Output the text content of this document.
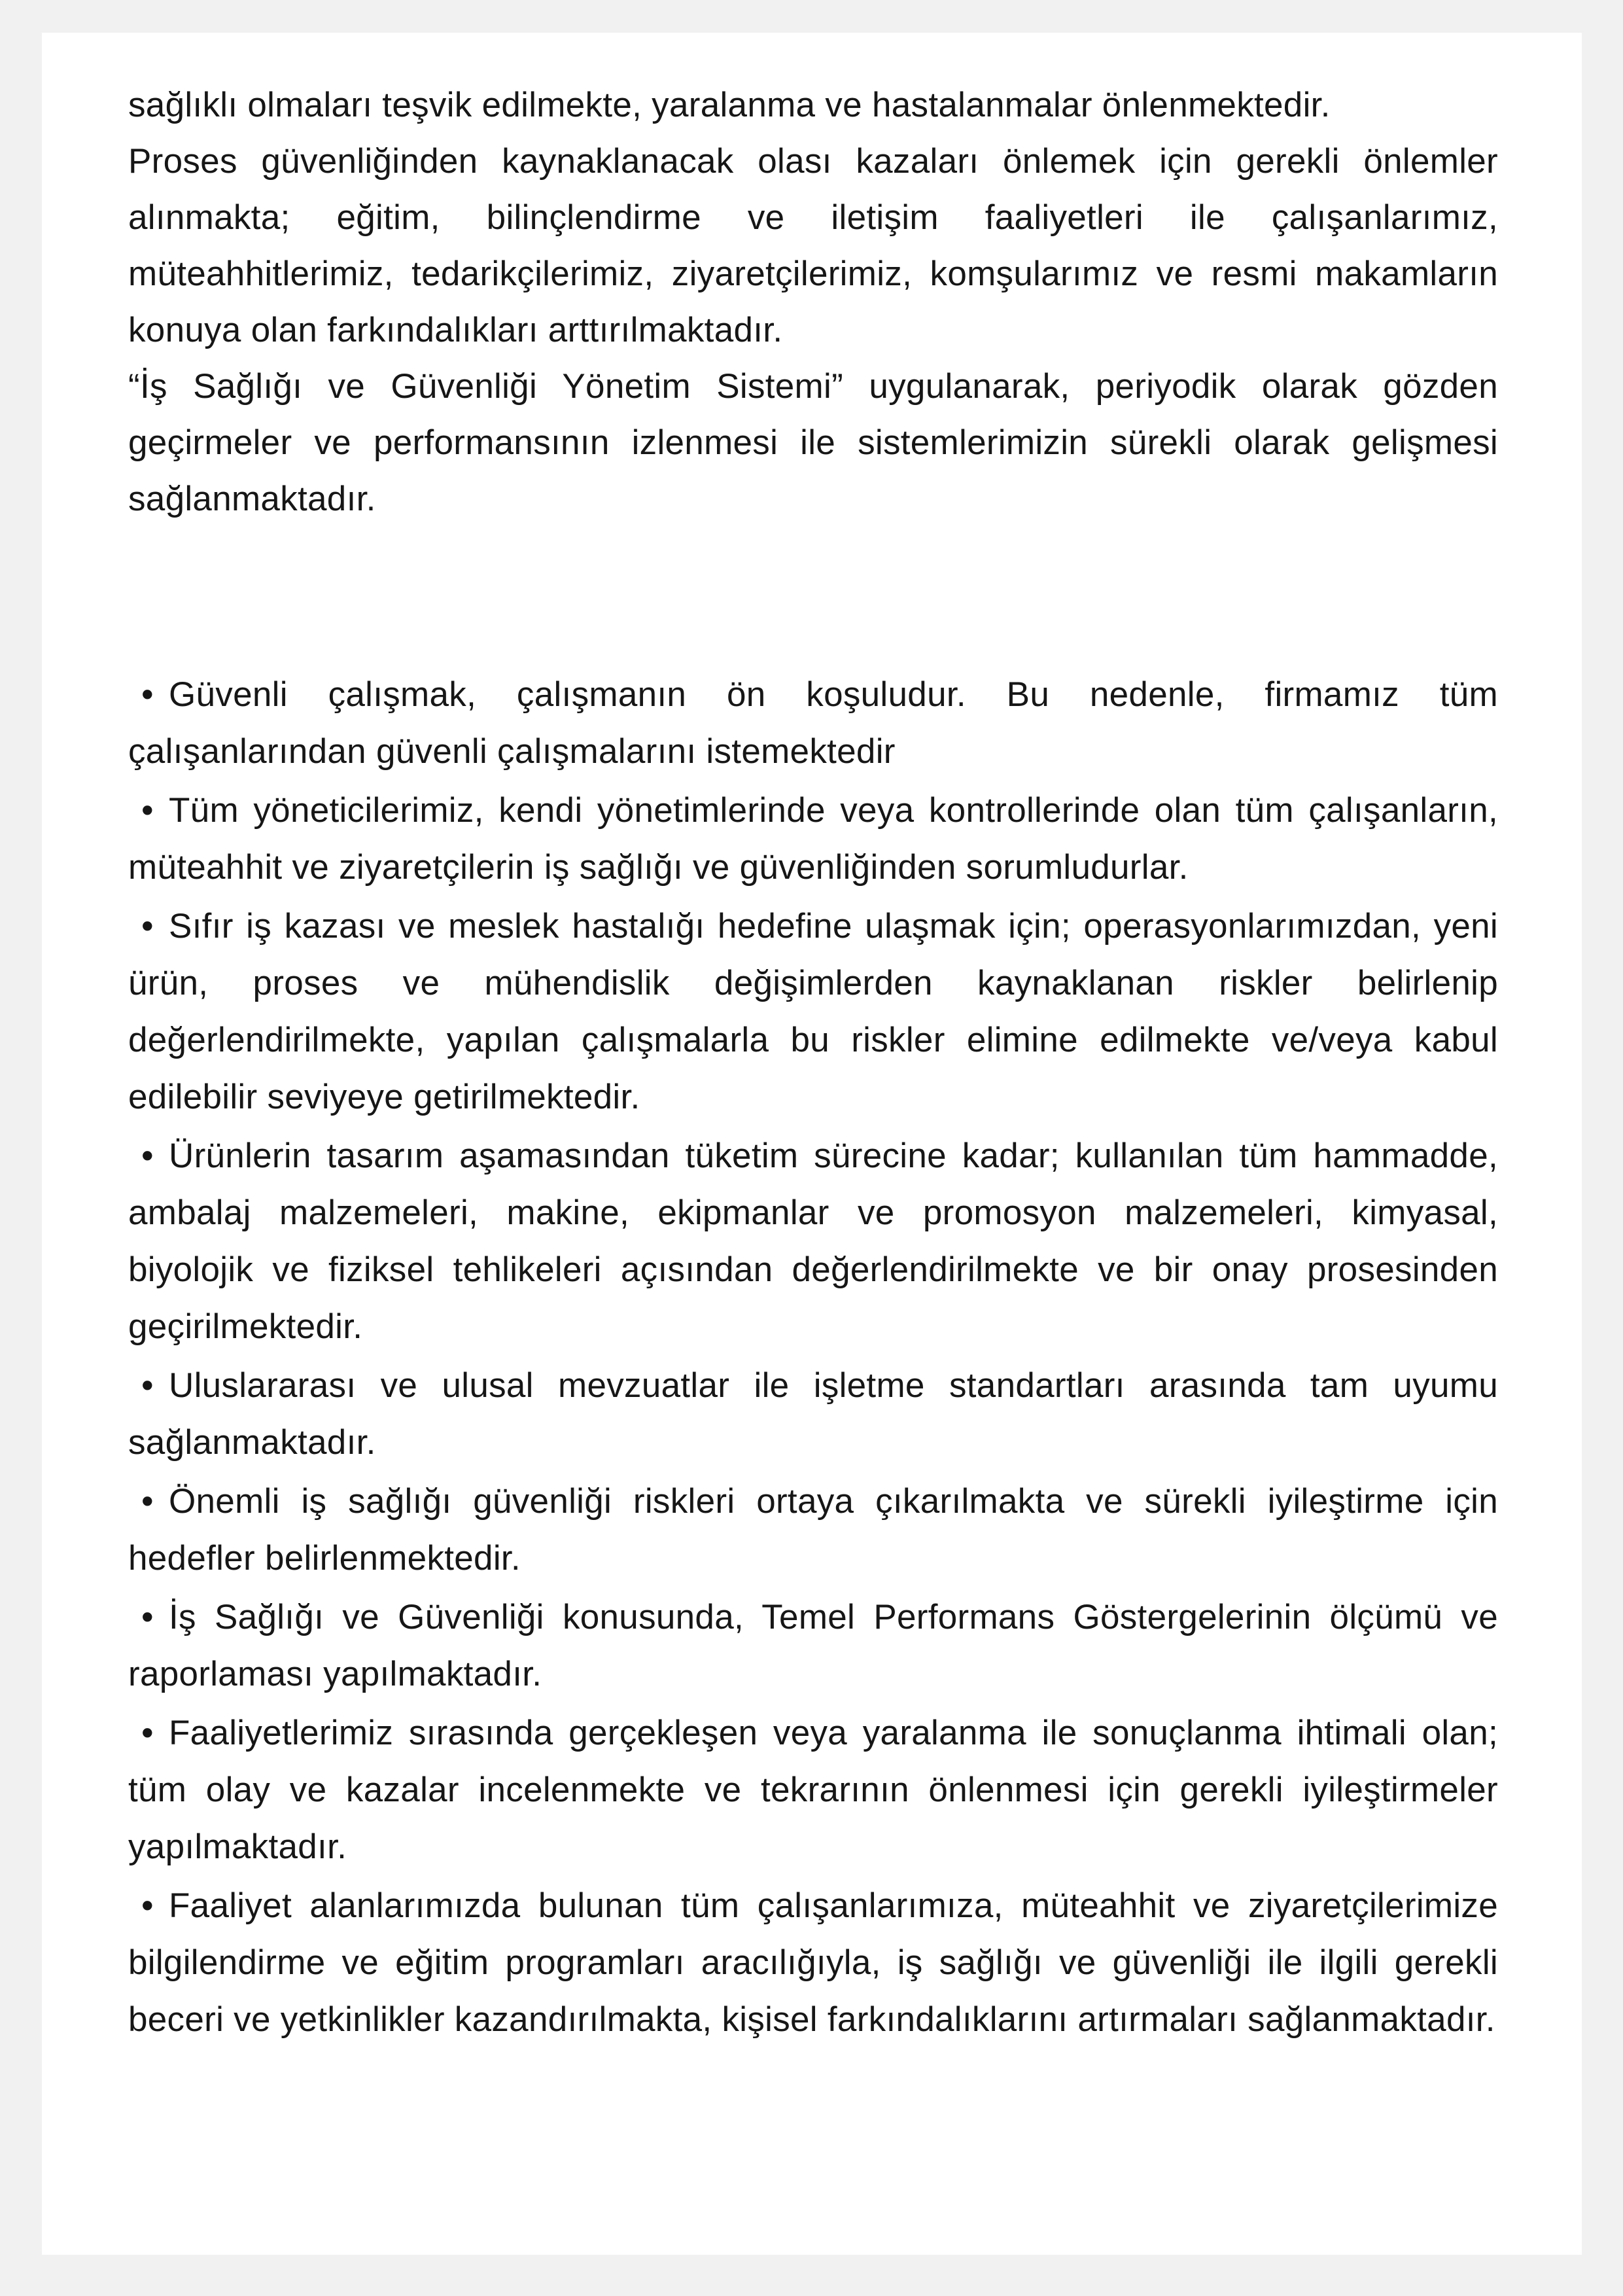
sağlıklı olmaları teşvik edilmekte, yaralanma ve hastalanmalar önlenmektedir.

Proses güvenliğinden kaynaklanacak olası kazaları önlemek için gerekli önlemler alınmakta; eğitim, bilinçlendirme ve iletişim faaliyetleri ile çalışanlarımız, müteahhitlerimiz, tedarikçilerimiz, ziyaretçilerimiz, komşularımız ve resmi makamların konuya olan farkındalıkları arttırılmaktadır.

“İş Sağlığı ve Güvenliği Yönetim Sistemi” uygulanarak, periyodik olarak gözden geçirmeler ve performansının izlenmesi ile sistemlerimizin sürekli olarak gelişmesi sağlanmaktadır.

• Güvenli çalışmak, çalışmanın ön koşuludur. Bu nedenle, firmamız tüm çalışanlarından güvenli çalışmalarını istemektedir
• Tüm yöneticilerimiz, kendi yönetimlerinde veya kontrollerinde olan tüm çalışanların, müteahhit ve ziyaretçilerin iş sağlığı ve güvenliğinden sorumludurlar.
• Sıfır iş kazası ve meslek hastalığı hedefine ulaşmak için; operasyonlarımızdan, yeni ürün, proses ve mühendislik değişimlerden kaynaklanan riskler belirlenip değerlendirilmekte, yapılan çalışmalarla bu riskler elimine edilmekte ve/veya kabul edilebilir seviyeye getirilmektedir.
• Ürünlerin tasarım aşamasından tüketim sürecine kadar; kullanılan tüm hammadde, ambalaj malzemeleri, makine, ekipmanlar ve promosyon malzemeleri, kimyasal, biyolojik ve fiziksel tehlikeleri açısından değerlendirilmekte ve bir onay prosesinden geçirilmektedir.
• Uluslararası ve ulusal mevzuatlar ile işletme standartları arasında tam uyumu sağlanmaktadır.
• Önemli iş sağlığı güvenliği riskleri ortaya çıkarılmakta ve sürekli iyileştirme için hedefler belirlenmektedir.
• İş Sağlığı ve Güvenliği konusunda, Temel Performans Göstergelerinin ölçümü ve raporlaması yapılmaktadır.
• Faaliyetlerimiz sırasında gerçekleşen veya yaralanma ile sonuçlanma ihtimali olan; tüm olay ve kazalar incelenmekte ve tekrarının önlenmesi için gerekli iyileştirmeler yapılmaktadır.
• Faaliyet alanlarımızda bulunan tüm çalışanlarımıza, müteahhit ve ziyaretçilerimize bilgilendirme ve eğitim programları aracılığıyla, iş sağlığı ve güvenliği ile ilgili gerekli beceri ve yetkinlikler kazandırılmakta, kişisel farkındalıklarını artırmaları sağlanmaktadır.
